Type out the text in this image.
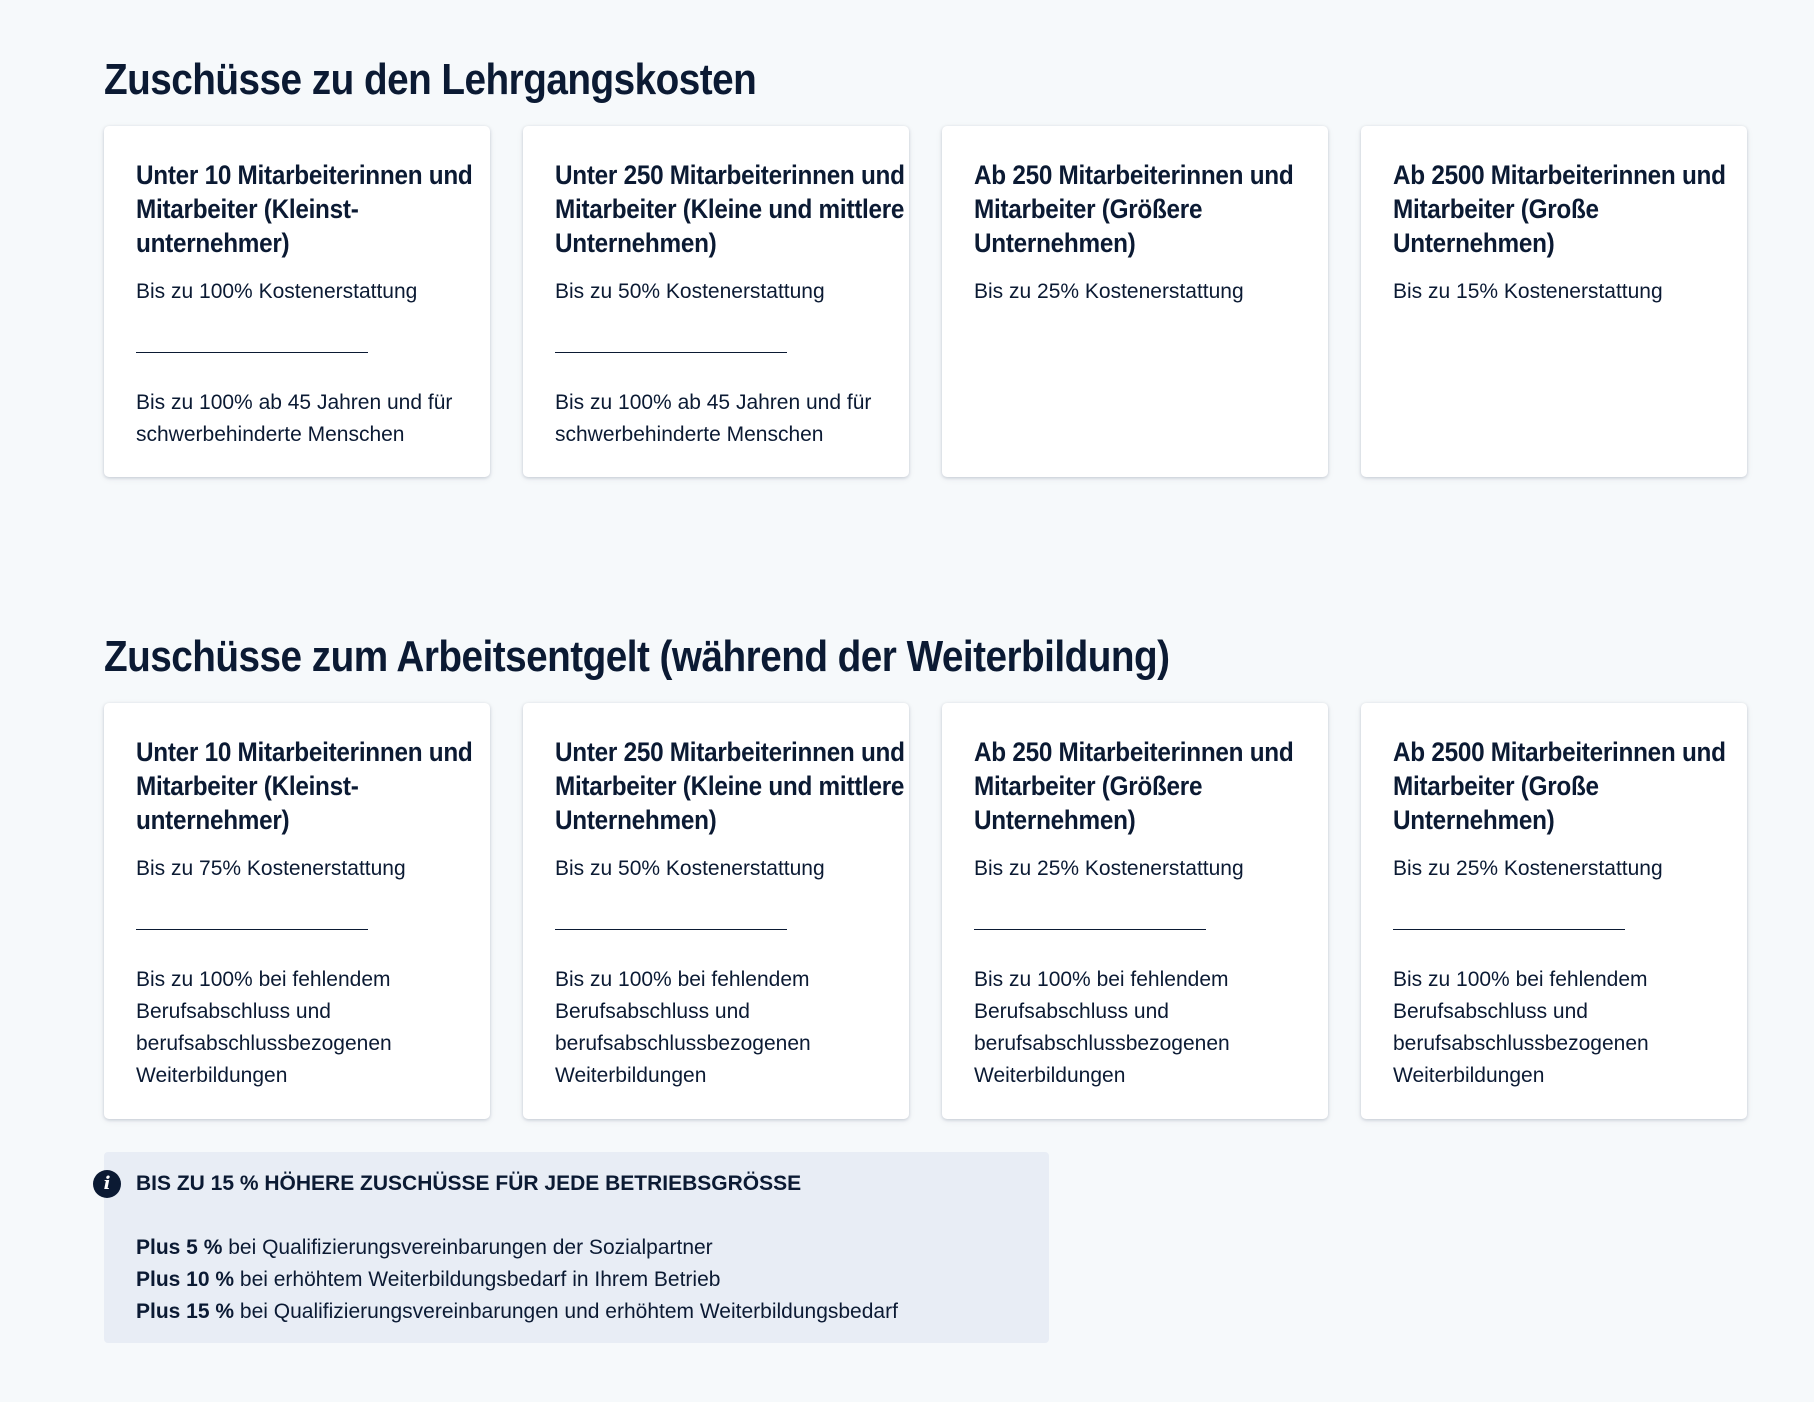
Zuschüsse zu den Lehrgangskosten
Unter 10 Mitarbeiterinnen und Mitarbeiter (Kleinst-unternehmer)
Bis zu 100% Kostenerstattung
Bis zu 100% ab 45 Jahren und für schwerbehinderte Menschen
Unter 250 Mitarbeiterinnen und Mitarbeiter (Kleine und mittlere Unternehmen)
Bis zu 50% Kostenerstattung
Bis zu 100% ab 45 Jahren und für schwerbehinderte Menschen
Ab 250 Mitarbeiterinnen und Mitarbeiter (Größere Unternehmen)
Bis zu 25% Kostenerstattung
Ab 2500 Mitarbeiterinnen und Mitarbeiter (Große Unternehmen)
Bis zu 15% Kostenerstattung
Zuschüsse zum Arbeitsentgelt (während der Weiterbildung)
Unter 10 Mitarbeiterinnen und Mitarbeiter (Kleinst-unternehmer)
Bis zu 75% Kostenerstattung
Bis zu 100% bei fehlendem Berufsabschluss und berufsabschlussbezogenen Weiterbildungen
Unter 250 Mitarbeiterinnen und Mitarbeiter (Kleine und mittlere Unternehmen)
Bis zu 50% Kostenerstattung
Bis zu 100% bei fehlendem Berufsabschluss und berufsabschlussbezogenen Weiterbildungen
Ab 250 Mitarbeiterinnen und Mitarbeiter (Größere Unternehmen)
Bis zu 25% Kostenerstattung
Bis zu 100% bei fehlendem Berufsabschluss und berufsabschlussbezogenen Weiterbildungen
Ab 2500 Mitarbeiterinnen und Mitarbeiter (Große Unternehmen)
Bis zu 25% Kostenerstattung
Bis zu 100% bei fehlendem Berufsabschluss und berufsabschlussbezogenen Weiterbildungen
i	BIS ZU 15 % HÖHERE ZUSCHÜSSE FÜR JEDE BETRIEBSGRÖSSE
Plus 5 % bei Qualifizierungsvereinbarungen der Sozialpartner
Plus 10 % bei erhöhtem Weiterbildungsbedarf in Ihrem Betrieb
Plus 15 % bei Qualifizierungsvereinbarungen und erhöhtem Weiterbildungsbedarf
